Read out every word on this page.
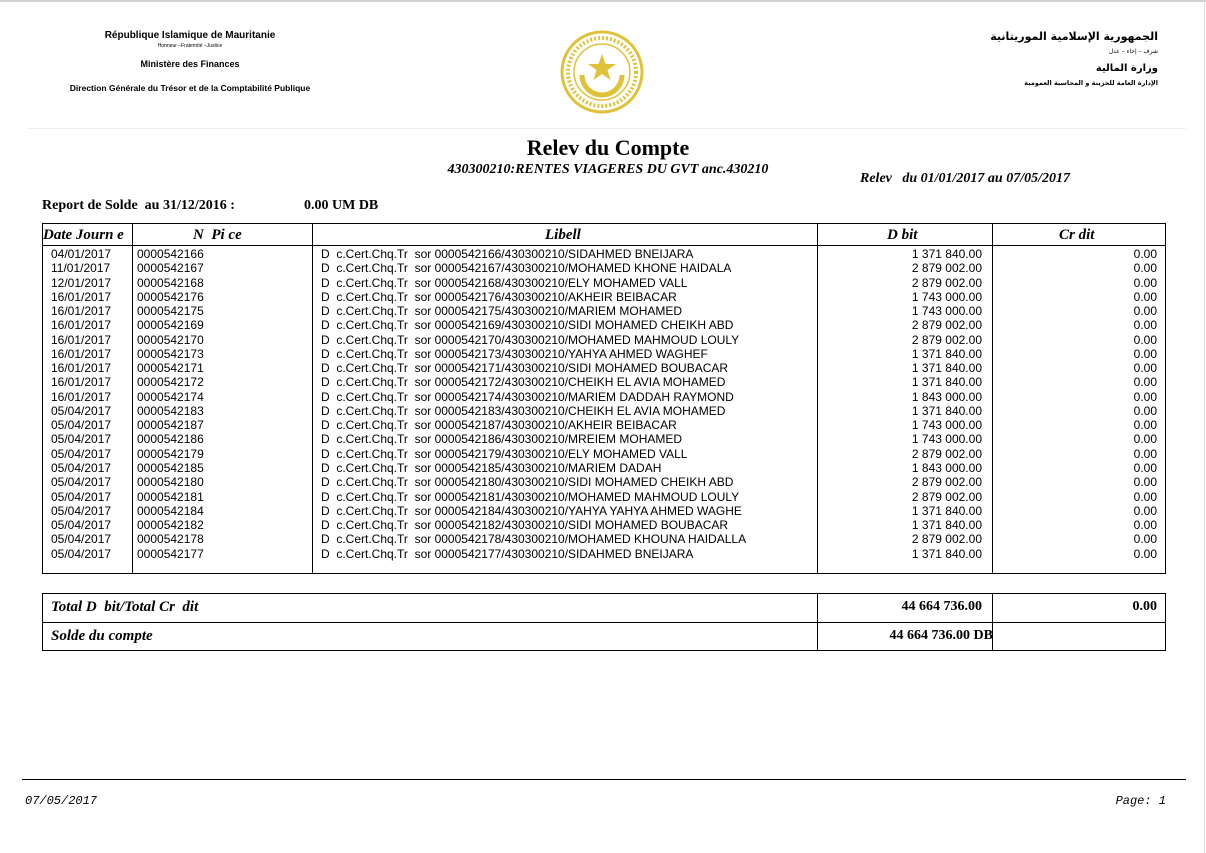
République Islamique de Mauritanie
Honneur –Fraternité –Justice
Ministère des Finances
Direction Générale du Trésor et de la Comptabilité Publique
الجمهورية الإسلامية الموريتانية
شرف – إخاء – عدل
وزارة المالية
الإدارة العامة للخزينة و المحاسبة العمومية
Relev du Compte
430300210:RENTES VIAGERES DU GVT anc.430210
Relev   du 01/01/2017 au 07/05/2017
Report de Solde  au 31/12/2016 :	0.00 UM DB
Date Journ e	N  Pi ce	Libell	D bit	Cr dit
04/01/2017 0000542166	D  c.Cert.Chq.Tr  sor 0000542166/430300210/SIDAHMED BNEIJARA	1 371 840.00	0.00
11/01/2017 0000542167	D  c.Cert.Chq.Tr  sor 0000542167/430300210/MOHAMED KHONE HAIDALA	2 879 002.00	0.00
12/01/2017 0000542168	D  c.Cert.Chq.Tr  sor 0000542168/430300210/ELY MOHAMED VALL	2 879 002.00	0.00
16/01/2017 0000542176	D  c.Cert.Chq.Tr  sor 0000542176/430300210/AKHEIR BEIBACAR	1 743 000.00	0.00
16/01/2017 0000542175	D  c.Cert.Chq.Tr  sor 0000542175/430300210/MARIEM MOHAMED	1 743 000.00	0.00
16/01/2017 0000542169	D  c.Cert.Chq.Tr  sor 0000542169/430300210/SIDI MOHAMED CHEIKH ABD	2 879 002.00	0.00
16/01/2017 0000542170	D  c.Cert.Chq.Tr  sor 0000542170/430300210/MOHAMED MAHMOUD LOULY	2 879 002.00	0.00
16/01/2017 0000542173	D  c.Cert.Chq.Tr  sor 0000542173/430300210/YAHYA AHMED WAGHEF	1 371 840.00	0.00
16/01/2017 0000542171	D  c.Cert.Chq.Tr  sor 0000542171/430300210/SIDI MOHAMED BOUBACAR	1 371 840.00	0.00
16/01/2017 0000542172	D  c.Cert.Chq.Tr  sor 0000542172/430300210/CHEIKH EL AVIA MOHAMED	1 371 840.00	0.00
16/01/2017 0000542174	D  c.Cert.Chq.Tr  sor 0000542174/430300210/MARIEM DADDAH RAYMOND	1 843 000.00	0.00
05/04/2017 0000542183	D  c.Cert.Chq.Tr  sor 0000542183/430300210/CHEIKH EL AVIA MOHAMED	1 371 840.00	0.00
05/04/2017 0000542187	D  c.Cert.Chq.Tr  sor 0000542187/430300210/AKHEIR BEIBACAR	1 743 000.00	0.00
05/04/2017 0000542186	D  c.Cert.Chq.Tr  sor 0000542186/430300210/MREIEM MOHAMED	1 743 000.00	0.00
05/04/2017 0000542179	D  c.Cert.Chq.Tr  sor 0000542179/430300210/ELY MOHAMED VALL	2 879 002.00	0.00
05/04/2017 0000542185	D  c.Cert.Chq.Tr  sor 0000542185/430300210/MARIEM DADAH	1 843 000.00	0.00
05/04/2017 0000542180	D  c.Cert.Chq.Tr  sor 0000542180/430300210/SIDI MOHAMED CHEIKH ABD	2 879 002.00	0.00
05/04/2017 0000542181	D  c.Cert.Chq.Tr  sor 0000542181/430300210/MOHAMED MAHMOUD LOULY	2 879 002.00	0.00
05/04/2017 0000542184	D  c.Cert.Chq.Tr  sor 0000542184/430300210/YAHYA YAHYA AHMED WAGHE	1 371 840.00	0.00
05/04/2017 0000542182	D  c.Cert.Chq.Tr  sor 0000542182/430300210/SIDI MOHAMED BOUBACAR	1 371 840.00	0.00
05/04/2017 0000542178	D  c.Cert.Chq.Tr  sor 0000542178/430300210/MOHAMED KHOUNA HAIDALLA	2 879 002.00	0.00
05/04/2017 0000542177	D  c.Cert.Chq.Tr  sor 0000542177/430300210/SIDAHMED BNEIJARA	1 371 840.00	0.00
Total D  bit/Total Cr  dit	44 664 736.00	0.00
Solde du compte	44 664 736.00 DB
07/05/2017	Page: 1
